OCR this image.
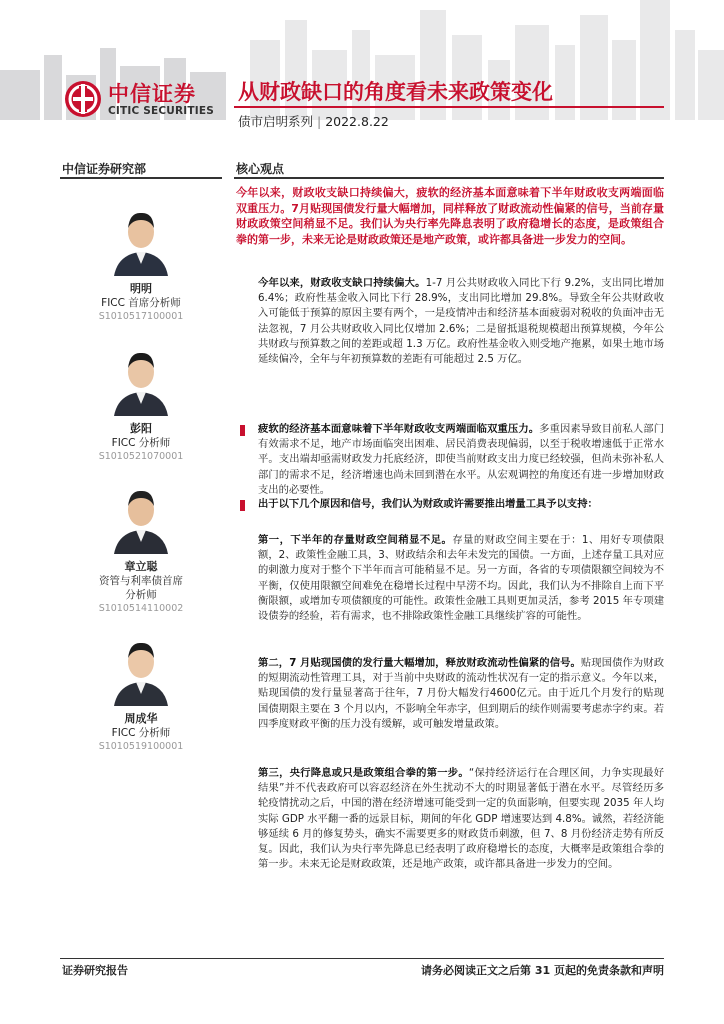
中信证券
CITIC SECURITIES
从财政缺口的角度看未来政策变化
债市启明系列 | 2022.8.22
中信证券研究部	核心观点
今年以来，财政收支缺口持续偏大，疲软的经济基本面意味着下半年财政收支两端面临双重压力。7月贴现国债发行量大幅增加，同样释放了财政流动性偏紧的信号，当前存量财政政策空间稍显不足。我们认为央行率先降息表明了政府稳增长的态度，是政策组合拳的第一步，未来无论是财政政策还是地产政策，或许都具备进一步发力的空间。
明明
FICC 首席分析师
S1010517100001
彭阳
FICC 分析师
S1010521070001
章立聪
资管与利率债首席
分析师
S1010514110002
周成华
FICC 分析师
S1010519100001
今年以来，财政收支缺口持续偏大。1-7 月公共财政收入同比下行 9.2%，支出同比增加 6.4%；政府性基金收入同比下行 28.9%，支出同比增加 29.8%。导致全年公共财政收入可能低于预算的原因主要有两个，一是疫情冲击和经济基本面疲弱对税收的负面冲击无法忽视，7 月公共财政收入同比仅增加 2.6%；二是留抵退税规模超出预算规模，今年公共财政与预算数之间的差距或超 1.3 万亿。政府性基金收入则受地产拖累，如果土地市场延续偏冷，全年与年初预算数的差距有可能超过 2.5 万亿。
疲软的经济基本面意味着下半年财政收支两端面临双重压力。多重因素导致目前私人部门有效需求不足，地产市场面临突出困难、居民消费表现偏弱，以至于税收增速低于正常水平。支出端却亟需财政发力托底经济，即使当前财政支出力度已经较强，但尚未弥补私人部门的需求不足，经济增速也尚未回到潜在水平。从宏观调控的角度还有进一步增加财政支出的必要性。
出于以下几个原因和信号，我们认为财政或许需要推出增量工具予以支持：
第一，下半年的存量财政空间稍显不足。存量的财政空间主要在于：1、用好专项债限额，2、政策性金融工具，3、财政结余和去年未发完的国债。一方面，上述存量工具对应的刺激力度对于整个下半年而言可能稍显不足。另一方面，各省的专项债限额空间较为不平衡，仅使用限额空间难免在稳增长过程中早涝不均。因此，我们认为不排除自上而下平衡限额，或增加专项债额度的可能性。政策性金融工具则更加灵活，参考 2015 年专项建设债券的经验，若有需求，也不排除政策性金融工具继续扩容的可能性。
第二，7 月贴现国债的发行量大幅增加，释放财政流动性偏紧的信号。贴现国债作为财政的短期流动性管理工具，对于当前中央财政的流动性状况有一定的指示意义。今年以来，贴现国债的发行量显著高于往年，7 月份大幅发行4600亿元。由于近几个月发行的贴现国债期限主要在 3 个月以内，不影响全年赤字，但到期后的续作则需要考虑赤字约束。若四季度财政平衡的压力没有缓解，或可触发增量政策。
第三，央行降息或只是政策组合拳的第一步。“保持经济运行在合理区间，力争实现最好结果”并不代表政府可以容忍经济在外生扰动不大的时期显著低于潜在水平。尽管经历多轮疫情扰动之后，中国的潜在经济增速可能受到一定的负面影响，但要实现 2035 年人均实际 GDP 水平翻一番的远景目标，期间的年化 GDP 增速要达到 4.8%。诚然，若经济能够延续 6 月的修复势头，确实不需要更多的财政货币刺激，但 7、8 月份经济走势有所反复。因此，我们认为央行率先降息已经表明了政府稳增长的态度，大概率是政策组合拳的第一步。未来无论是财政政策，还是地产政策，或许都具备进一步发力的空间。
证券研究报告	请务必阅读正文之后第 31 页起的免责条款和声明
